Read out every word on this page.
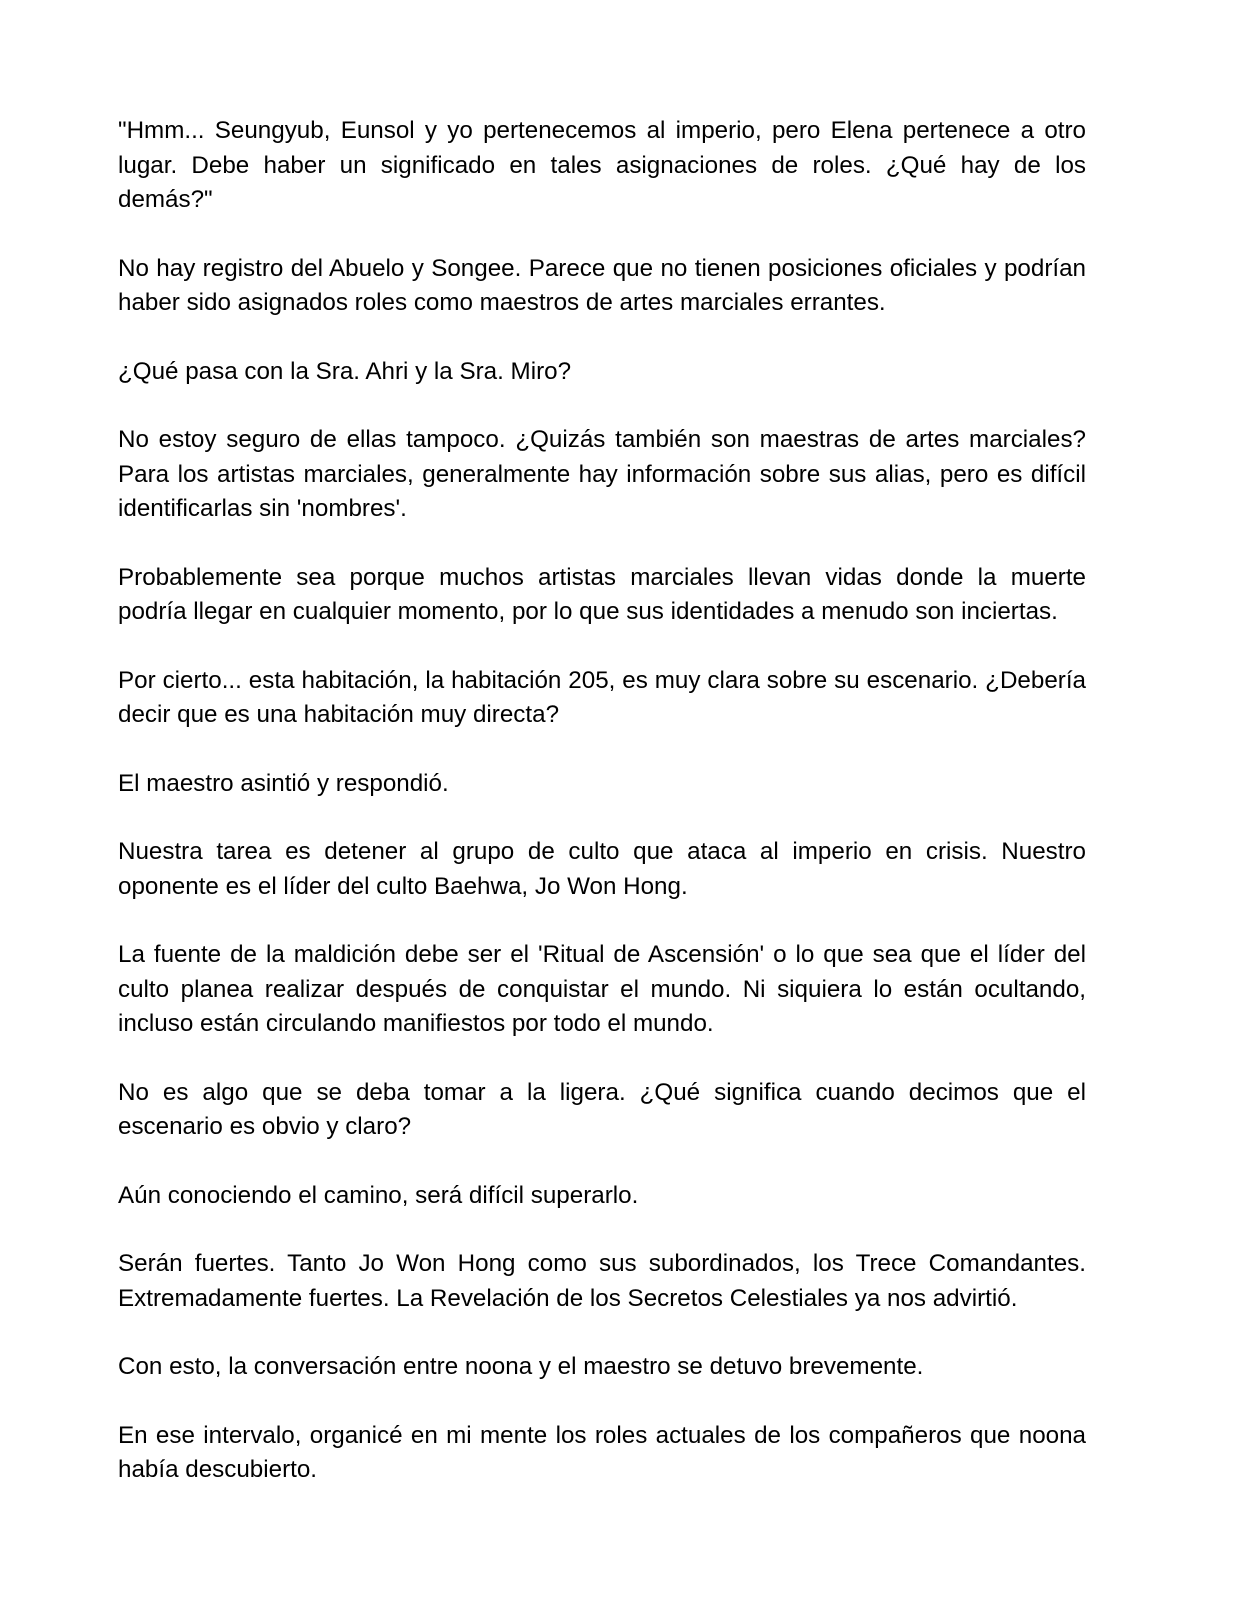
"Hmm... Seungyub, Eunsol y yo pertenecemos al imperio, pero Elena pertenece a otro lugar. Debe haber un significado en tales asignaciones de roles. ¿Qué hay de los demás?"

No hay registro del Abuelo y Songee. Parece que no tienen posiciones oficiales y podrían haber sido asignados roles como maestros de artes marciales errantes.

¿Qué pasa con la Sra. Ahri y la Sra. Miro?

No estoy seguro de ellas tampoco. ¿Quizás también son maestras de artes marciales? Para los artistas marciales, generalmente hay información sobre sus alias, pero es difícil identificarlas sin 'nombres'.

Probablemente sea porque muchos artistas marciales llevan vidas donde la muerte podría llegar en cualquier momento, por lo que sus identidades a menudo son inciertas.

Por cierto... esta habitación, la habitación 205, es muy clara sobre su escenario. ¿Debería decir que es una habitación muy directa?

El maestro asintió y respondió.

Nuestra tarea es detener al grupo de culto que ataca al imperio en crisis. Nuestro oponente es el líder del culto Baehwa, Jo Won Hong.

La fuente de la maldición debe ser el 'Ritual de Ascensión' o lo que sea que el líder del culto planea realizar después de conquistar el mundo. Ni siquiera lo están ocultando, incluso están circulando manifiestos por todo el mundo.

No es algo que se deba tomar a la ligera. ¿Qué significa cuando decimos que el escenario es obvio y claro?

Aún conociendo el camino, será difícil superarlo.

Serán fuertes. Tanto Jo Won Hong como sus subordinados, los Trece Comandantes. Extremadamente fuertes. La Revelación de los Secretos Celestiales ya nos advirtió.

Con esto, la conversación entre noona y el maestro se detuvo brevemente.

En ese intervalo, organicé en mi mente los roles actuales de los compañeros que noona había descubierto.
